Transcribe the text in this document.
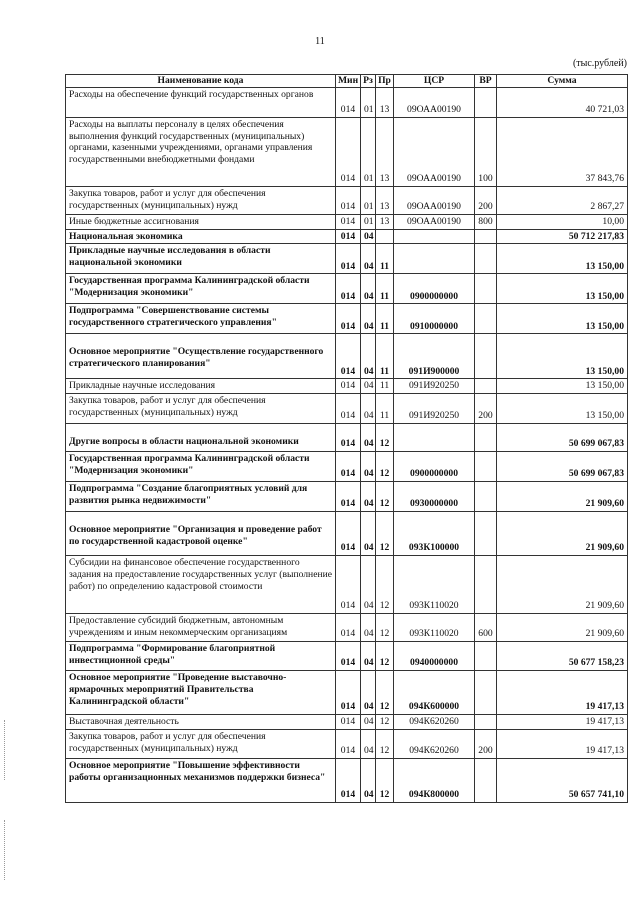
11
(тыс.рублей)
Наименование кода	Мин	Рз	Пр	ЦСР	ВР	Сумма
Расходы на обеспечение функций государственных органов	014	01	13	09ОАА00190		40 721,03
Расходы на выплаты персоналу в целях обеспечения выполнения функций государственных (муниципальных) органами, казенными учреждениями, органами управления государственными внебюджетными фондами	014	01	13	09ОАА00190	100	37 843,76
Закупка товаров, работ и услуг для обеспечения государственных (муниципальных) нужд	014	01	13	09ОАА00190	200	2 867,27
Иные бюджетные ассигнования	014	01	13	09ОАА00190	800	10,00
Национальная экономика	014	04				50 712 217,83
Прикладные научные исследования в области национальной экономики	014	04	11			13 150,00
Государственная программа Калининградской области "Модернизация экономики"	014	04	11	0900000000		13 150,00
Подпрограмма "Совершенствование системы государственного стратегического управления"	014	04	11	0910000000		13 150,00
Основное мероприятие "Осуществление государственного стратегического планирования"	014	04	11	091И900000		13 150,00
Прикладные научные исследования	014	04	11	091И920250		13 150,00
Закупка товаров, работ и услуг для обеспечения государственных (муниципальных) нужд	014	04	11	091И920250	200	13 150,00
Другие вопросы в области национальной экономики	014	04	12			50 699 067,83
Государственная программа Калининградской области "Модернизация экономики"	014	04	12	0900000000		50 699 067,83
Подпрограмма "Создание благоприятных условий для развития рынка недвижимости"	014	04	12	0930000000		21 909,60
Основное мероприятие "Организация и проведение работ по государственной кадастровой оценке"	014	04	12	093К100000		21 909,60
Субсидии на финансовое обеспечение государственного задания на предоставление государственных услуг (выполнение работ) по определению кадастровой стоимости	014	04	12	093К110020		21 909,60
Предоставление субсидий бюджетным, автономным учреждениям и иным некоммерческим организациям	014	04	12	093К110020	600	21 909,60
Подпрограмма "Формирование благоприятной инвестиционной среды"	014	04	12	0940000000		50 677 158,23
Основное мероприятие "Проведение выставочно-ярмарочных мероприятий Правительства Калининградской области"	014	04	12	094К600000		19 417,13
Выставочная деятельность	014	04	12	094К620260		19 417,13
Закупка товаров, работ и услуг для обеспечения государственных (муниципальных) нужд	014	04	12	094К620260	200	19 417,13
Основное мероприятие "Повышение эффективности работы организационных механизмов поддержки бизнеса"	014	04	12	094К800000		50 657 741,10
